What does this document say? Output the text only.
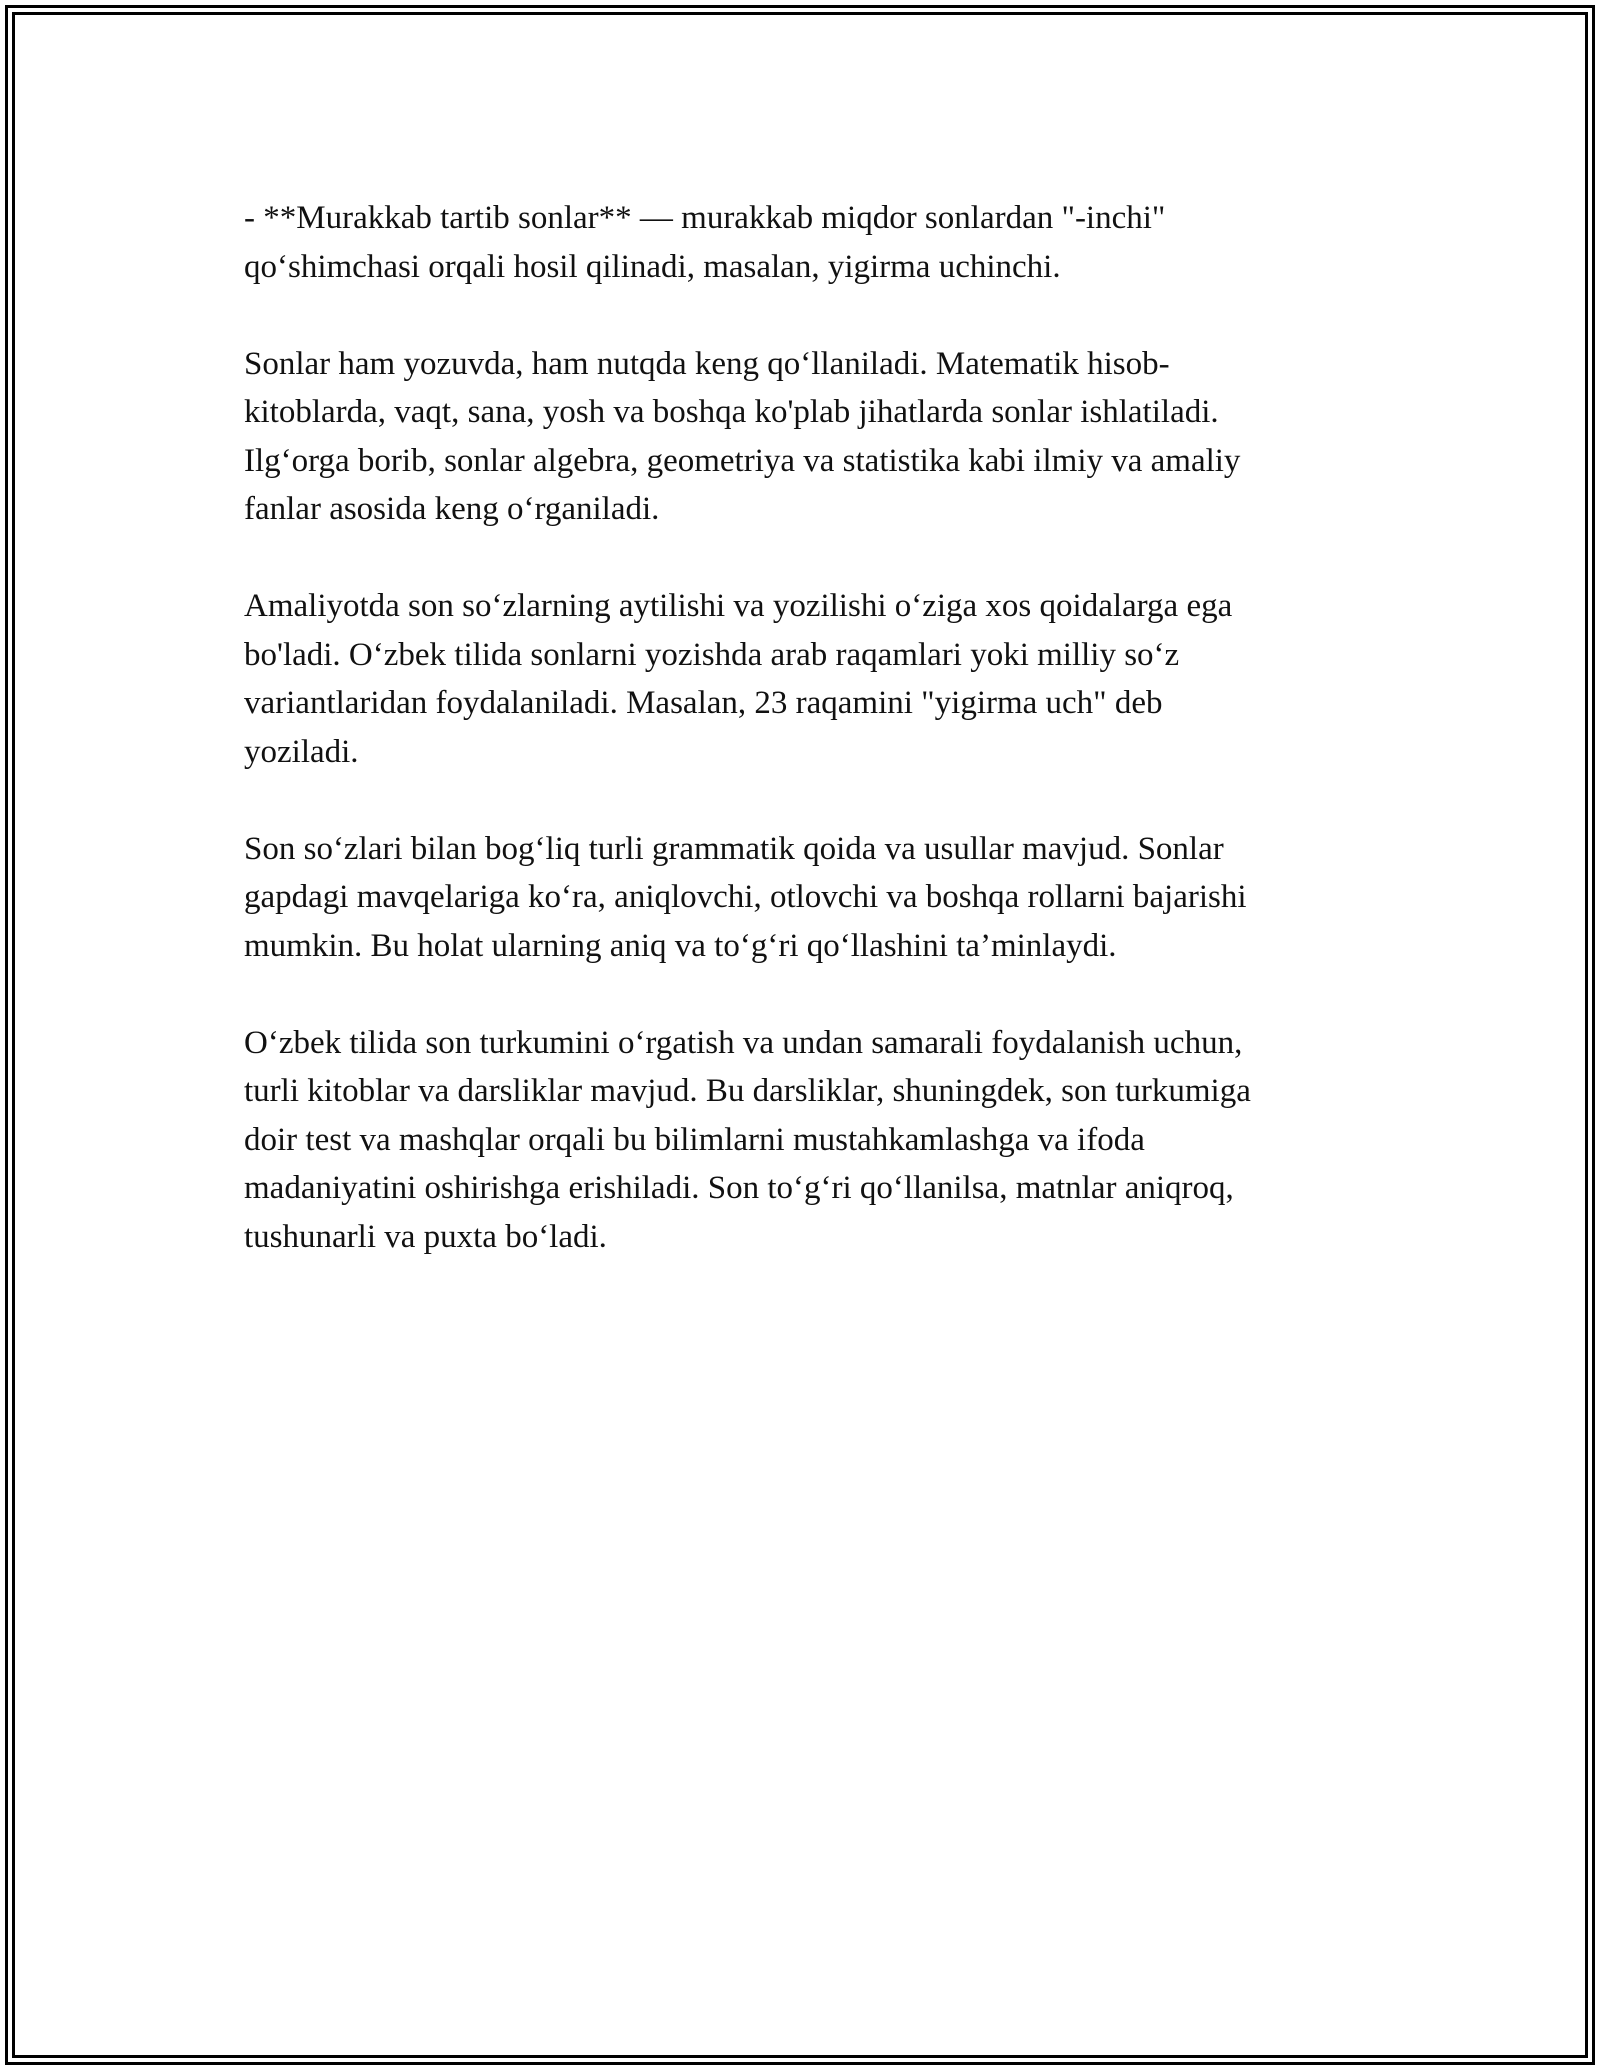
- **Murakkab tartib sonlar** — murakkab miqdor sonlardan "-inchi"
qo‘shimchasi orqali hosil qilinadi, masalan, yigirma uchinchi.

Sonlar ham yozuvda, ham nutqda keng qo‘llaniladi. Matematik hisob-
kitoblarda, vaqt, sana, yosh va boshqa ko'plab jihatlarda sonlar ishlatiladi.
Ilg‘orga borib, sonlar algebra, geometriya va statistika kabi ilmiy va amaliy
fanlar asosida keng o‘rganiladi.

Amaliyotda son so‘zlarning aytilishi va yozilishi o‘ziga xos qoidalarga ega
bo'ladi. O‘zbek tilida sonlarni yozishda arab raqamlari yoki milliy so‘z
variantlaridan foydalaniladi. Masalan, 23 raqamini "yigirma uch" deb
yoziladi.

Son so‘zlari bilan bog‘liq turli grammatik qoida va usullar mavjud. Sonlar
gapdagi mavqelariga ko‘ra, aniqlovchi, otlovchi va boshqa rollarni bajarishi
mumkin. Bu holat ularning aniq va to‘g‘ri qo‘llashini ta’minlaydi.

O‘zbek tilida son turkumini o‘rgatish va undan samarali foydalanish uchun,
turli kitoblar va darsliklar mavjud. Bu darsliklar, shuningdek, son turkumiga
doir test va mashqlar orqali bu bilimlarni mustahkamlashga va ifoda
madaniyatini oshirishga erishiladi. Son to‘g‘ri qo‘llanilsa, matnlar aniqroq,
tushunarli va puxta bo‘ladi.
